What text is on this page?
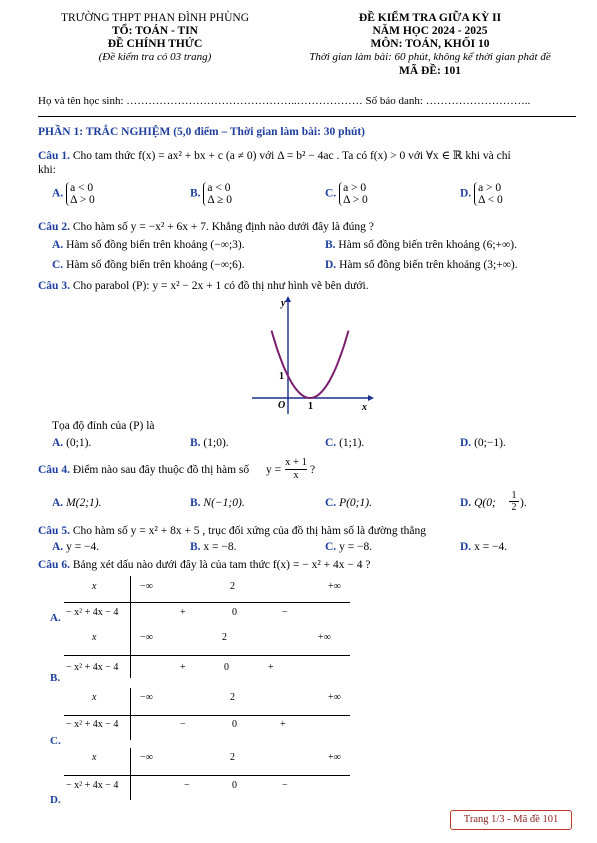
TRƯỜNG THPT PHAN ĐÌNH PHÙNG
TỔ: TOÁN - TIN
ĐỀ CHÍNH THỨC
(Đề kiểm tra có 03 trang)
ĐỀ KIỂM TRA GIỮA KỲ II
NĂM HỌC 2024 - 2025
MÔN: TOÁN, KHỐI 10
Thời gian làm bài: 60 phút, không kể thời gian phát đề
MÃ ĐỀ: 101
Họ và tên học sinh: ………………………………………..……………… Số báo danh: ………………………..
PHẦN 1: TRẮC NGHIỆM (5,0 điểm – Thời gian làm bài: 30 phút)
Câu 1. Cho tam thức f(x) = ax² + bx + c (a ≠ 0) với Δ = b² − 4ac . Ta có f(x) > 0 với ∀x ∈ ℝ khi và chỉ
khi:
A. a < 0
Δ > 0
B. a < 0
Δ ≥ 0
C. a > 0
Δ > 0
D. a > 0
Δ < 0
Câu 2. Cho hàm số y = −x² + 6x + 7. Khẳng định nào dưới đây là đúng ?
A. Hàm số đồng biến trên khoảng (−∞;3).	B. Hàm số đồng biến trên khoảng (6;+∞).
C. Hàm số đồng biến trên khoảng (−∞;6).	D. Hàm số đồng biến trên khoảng (3;+∞).
Câu 3. Cho parabol (P): y = x² − 2x + 1 có đồ thị như hình vẽ bên dưới.
y
x
O 1
1
Tọa độ đỉnh của (P) là
A. (0;1).	B. (1;0).	C. (1;1).	D. (0;−1).
Câu 4. Điểm nào sau đây thuộc đồ thị hàm số y =
x + 1
x ?
A. M(2;1).	B. N(−1;0).	C. P(0;1).	D. Q(0;
1
2 ).
Câu 5. Cho hàm số y = x² + 8x + 5 , trục đối xứng của đồ thị hàm số là đường thẳng
A. y = −4.	B. x = −8.	C. y = −8.	D. x = −4.
Câu 6. Bảng xét dấu nào dưới đây là của tam thức f(x) = − x² + 4x − 4 ?
x	−∞	2	+∞
− x² + 4x − 4	+	0	−
A.
x	−∞	2	+∞
− x² + 4x − 4	+	0	+
B.
x	−∞	2	+∞
− x² + 4x − 4	−	0	+
C.
x	−∞	2	+∞
− x² + 4x − 4	−	0	−
D.
Trang 1/3 - Mã đề 101
